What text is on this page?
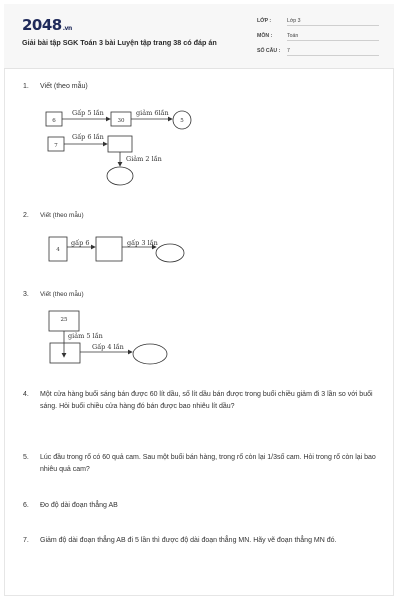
2048.vn
Giải bài tập SGK Toán 3 bài Luyện tập trang 38 có đáp án
LỚP :	Lớp 3
MÔN :	Toán
SỐ CÂU : 7
1. Viết (theo mẫu)
Gấp 5 lần	giảm 6lần
Gấp 6 lần
Giảm 2 lần
6	30	5
7
2. Viết (theo mẫu)
4
gấp 6	gấp 3 lần
3. Viết (theo mẫu)
25
giảm 5 lần
Gấp 4 lần
4. Một cửa hàng buổi sáng bán được 60 lít dầu, số lít dầu bán được trong buổi chiều giảm đi 3 lần so với buổi sáng. Hỏi buổi chiều cửa hàng đó bán được bao nhiêu lít dầu?
5. Lúc đầu trong rổ có 60 quả cam. Sau một buổi bán hàng, trong rổ còn lại 1/3số cam. Hỏi trong rổ còn lại bao nhiêu quả cam?
6. Đo độ dài đoạn thẳng AB
7. Giảm độ dài đoạn thẳng AB đi 5 lần thì được độ dài đoạn thẳng MN. Hãy vẽ đoạn thẳng MN đó.
